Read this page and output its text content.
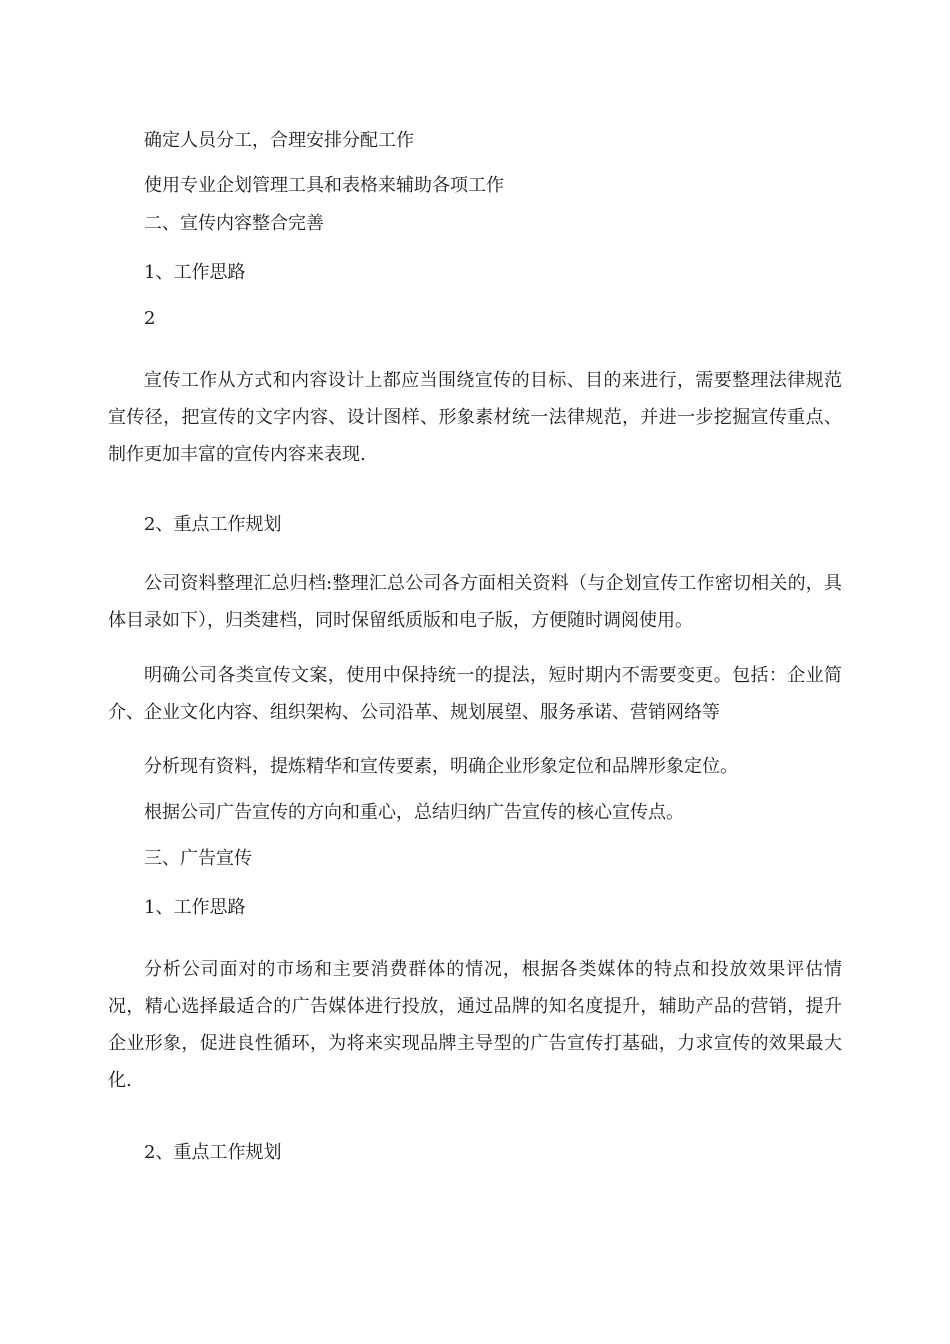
确定人员分工，合理安排分配工作
使用专业企划管理工具和表格来辅助各项工作
二、宣传内容整合完善
1、工作思路
2
宣传工作从方式和内容设计上都应当围绕宣传的目标、目的来进行，需要整理法律规范宣传径，把宣传的文字内容、设计图样、形象素材统一法律规范，并进一步挖掘宣传重点、制作更加丰富的宣传内容来表现.
2、重点工作规划
公司资料整理汇总归档:整理汇总公司各方面相关资料（与企划宣传工作密切相关的，具体目录如下），归类建档，同时保留纸质版和电子版，方便随时调阅使用。
明确公司各类宣传文案，使用中保持统一的提法，短时期内不需要变更。包括：企业简介、企业文化内容、组织架构、公司沿革、规划展望、服务承诺、营销网络等
分析现有资料，提炼精华和宣传要素，明确企业形象定位和品牌形象定位。
根据公司广告宣传的方向和重心，总结归纳广告宣传的核心宣传点。
三、广告宣传
1、工作思路
分析公司面对的市场和主要消费群体的情况，根据各类媒体的特点和投放效果评估情况，精心选择最适合的广告媒体进行投放，通过品牌的知名度提升，辅助产品的营销，提升企业形象，促进良性循环，为将来实现品牌主导型的广告宣传打基础，力求宣传的效果最大化.
2、重点工作规划
